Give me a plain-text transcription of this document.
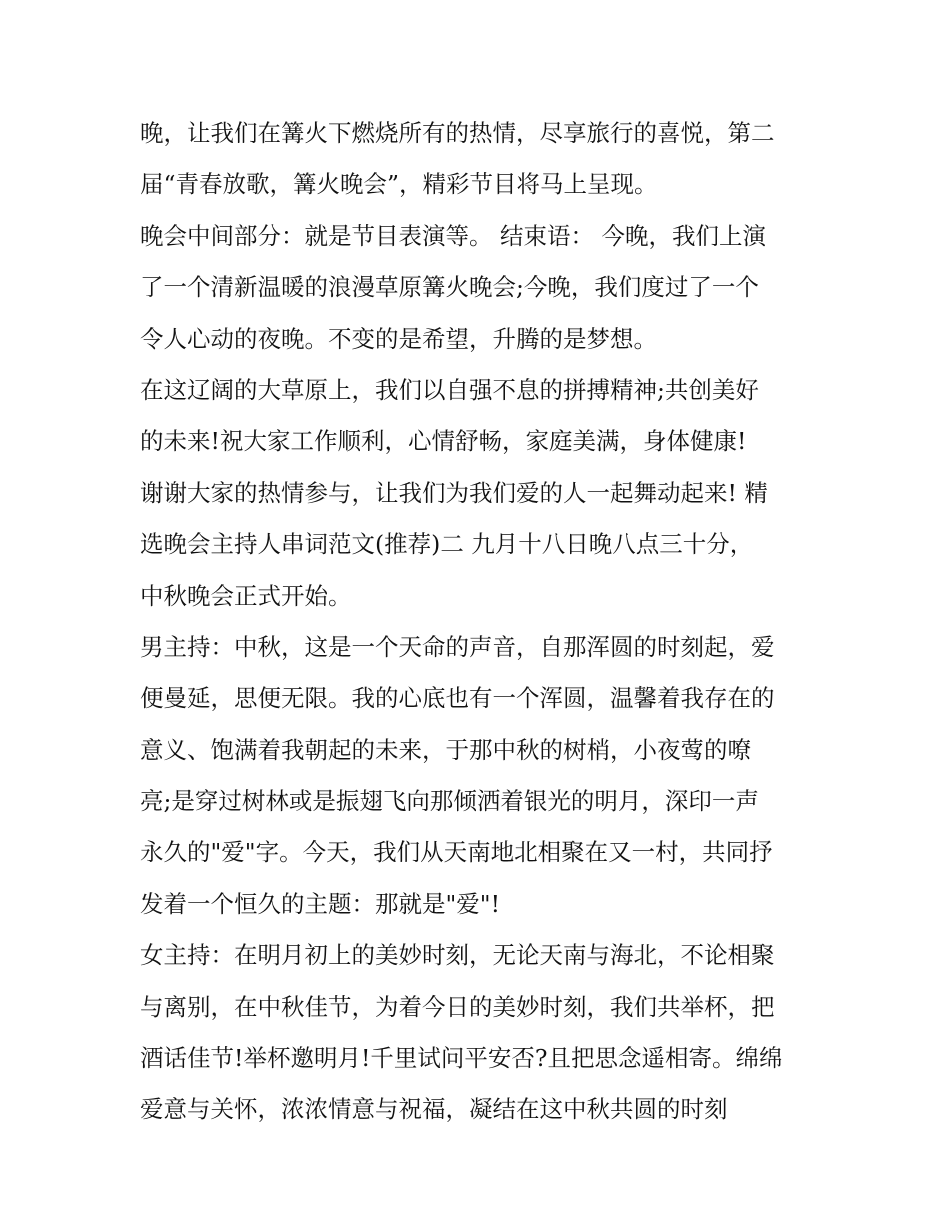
晚，让我们在篝火下燃烧所有的热情，尽享旅行的喜悦，第二
届“青春放歌，篝火晚会”，精彩节目将马上呈现。
晚会中间部分：就是节目表演等。 结束语： 今晚，我们上演
了一个清新温暖的浪漫草原篝火晚会;今晚，我们度过了一个
令人心动的夜晚。不变的是希望，升腾的是梦想。
在这辽阔的大草原上，我们以自强不息的拼搏精神;共创美好
的未来!祝大家工作顺利，心情舒畅，家庭美满，身体健康!
谢谢大家的热情参与，让我们为我们爱的人一起舞动起来! 精
选晚会主持人串词范文(推荐)二 九月十八日晚八点三十分，
中秋晚会正式开始。
男主持：中秋，这是一个天命的声音，自那浑圆的时刻起，爱
便曼延，思便无限。我的心底也有一个浑圆，温馨着我存在的
意义、饱满着我朝起的未来，于那中秋的树梢，小夜莺的嘹
亮;是穿过树林或是振翅飞向那倾洒着银光的明月，深印一声
永久的"爱"字。今天，我们从天南地北相聚在又一村，共同抒
发着一个恒久的主题：那就是"爱"!
女主持：在明月初上的美妙时刻，无论天南与海北，不论相聚
与离别，在中秋佳节，为着今日的美妙时刻，我们共举杯，把
酒话佳节!举杯邀明月!千里试问平安否?且把思念遥相寄。绵绵
爱意与关怀，浓浓情意与祝福，凝结在这中秋共圆的时刻
